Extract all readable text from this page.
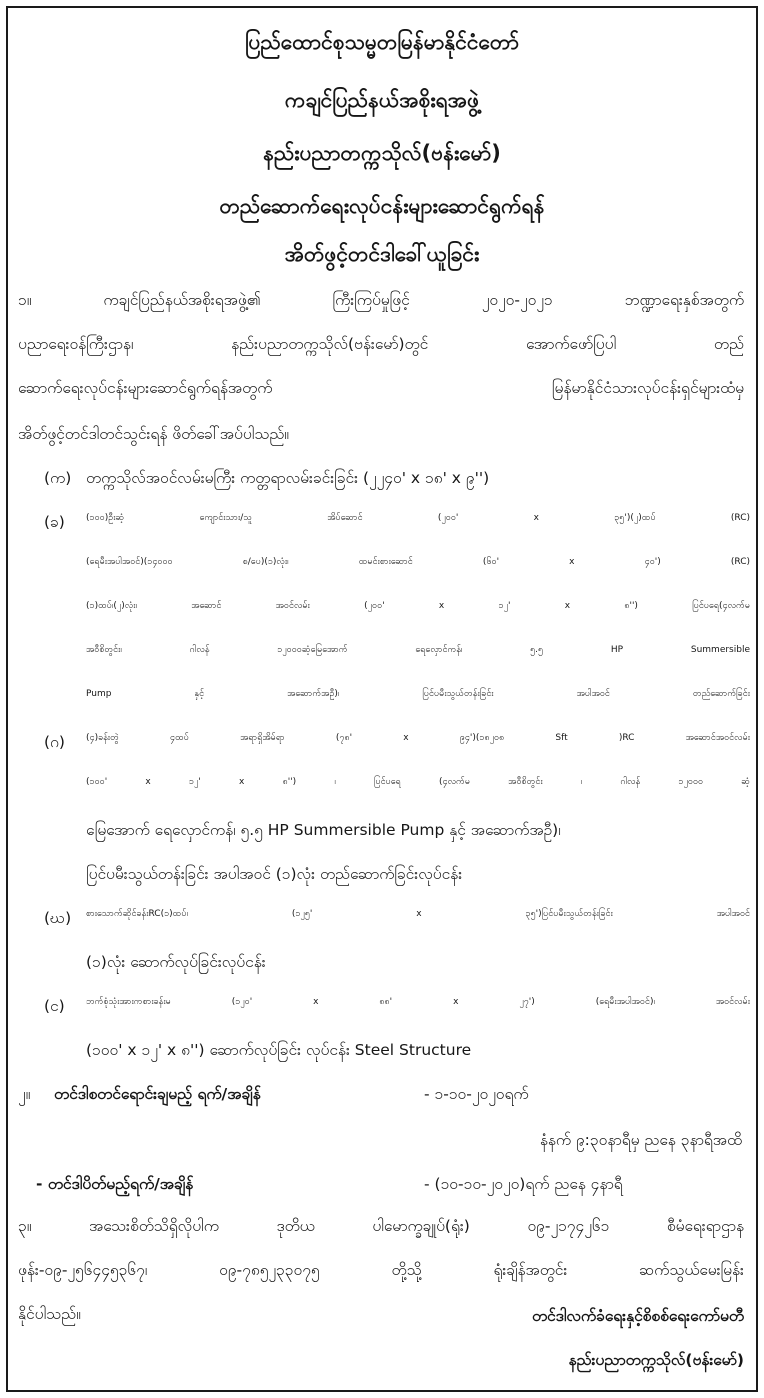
ပြည်ထောင်စုသမ္မတမြန်မာနိုင်ငံတော်
ကချင်ပြည်နယ်အစိုးရအဖွဲ့
နည်းပညာတက္ကသိုလ်(ဗန်းမော်)
တည်ဆောက်ရေးလုပ်ငန်းများဆောင်ရွက်ရန်
အိတ်ဖွင့်တင်ဒါခေါ်ယူခြင်း
၁။ ကချင်ပြည်နယ်အစိုးရအဖွဲ့၏ ကြီးကြပ်မှုဖြင့် ၂၀၂၀-၂၀၂၁ ဘဏ္ဍာရေးနှစ်အတွက်
ပညာရေးဝန်ကြီးဌာန၊ နည်းပညာတက္ကသိုလ်(ဗန်းမော်)တွင် အောက်ဖော်ပြပါ တည်
ဆောက်ရေးလုပ်ငန်းများဆောင်ရွက်ရန်အတွက် မြန်မာနိုင်ငံသားလုပ်ငန်းရှင်များထံမှ
အိတ်ဖွင့်တင်ဒါတင်သွင်းရန် ဖိတ်ခေါ်အပ်ပါသည်။
(က) တက္ကသိုလ်အဝင်လမ်းမကြီး ကတ္တရာလမ်းခင်းခြင်း (၂၂၄၀' x ၁၈' x ၉'')
(ခ) (၁၀၀)ဦးဆံ့ ကျောင်းသား/သူ အိပ်ဆောင် (၂၀၀' x ၃၅')(၂)ထပ် (RC)
(ရေမီးအပါအဝင်)(၁၄၀၀၀ စ/ပေ)(၁)လုံး၊ ထမင်းစားဆောင် (၆၀' x ၄၀') (RC)
(၁)ထပ်၊(၂)လုံး၊ အဆောင် အဝင်လမ်း (၂၀၀' x ၁၂' x ၈'') ပြင်ပရေ(၄လက်မ
အဝီစိတွင်း၊ ဂါလန် ၁၂၀၀၀ဆံ့မြေအောက် ရေလှောင်ကန်၊ ၅.၅ HP Summersible
Pump နှင့် အဆောက်အဦ)၊ ပြင်ပမီးသွယ်တန်းခြင်း အပါအဝင် တည်ဆောက်ခြင်း
(ဂ) (၄)ခန်းတွဲ ၄ထပ် အရာရှိအိမ်ရာ (၇၈' x ၉၄')(၁၈၂၀၈ Sft )RC အဆောင်အဝင်လမ်း
(၁၀၀' x ၁၂' x ၈'') ၊ ပြင်ပရေ (၄လက်မ အဝီစိတွင်း ၊ ဂါလန် ၁၂၀၀၀ ဆံ့
မြေအောက် ရေလှောင်ကန်၊ ၅.၅ HP Summersible Pump နှင့် အဆောက်အဦ)၊
ပြင်ပမီးသွယ်တန်းခြင်း အပါအဝင် (၁)လုံး တည်ဆောက်ခြင်းလုပ်ငန်း
(ဃ) စားသောက်ဆိုင်ခန်းRC(၁)ထပ်၊ (၁၂၅' x ၃၅')ပြင်ပမီးသွယ်တန်းခြင်း အပါအဝင်
(၁)လုံး ဆောက်လုပ်ခြင်းလုပ်ငန်း
(င) ဘက်စုံသုံးအားကစားခန်းမ (၁၂၀' x ၈၈' x ၂၇') (ရေမီးအပါအဝင်)၊ အဝင်လမ်း
(၁၀၀' x ၁၂' x ၈'') ဆောက်လုပ်ခြင်း လုပ်ငန်း Steel Structure
၂။ တင်ဒါစတင်ရောင်းချမည့် ရက်/အချိန်	- ၁-၁၀-၂၀၂၀ရက်
နံနက် ၉:၃၀နာရီမှ ညနေ ၃နာရီအထိ
- တင်ဒါပိတ်မည့်ရက်/အချိန်	- (၁၀-၁၀-၂၀၂၀)ရက် ညနေ ၄နာရီ
၃။ အသေးစိတ်သိရှိလိုပါက ဒုတိယ ပါမောက္ခချုပ်(ရုံး) ၀၉-၂၁၇၄၂၆၁ စီမံရေးရာဌာန
ဖုန်း-၀၉-၂၅၆၄၄၅၃၆၇၊ ၀၉-၇၈၅၂၃၃၀၇၅ တို့သို့ ရုံးချိန်အတွင်း ဆက်သွယ်မေးမြန်း
နိုင်ပါသည်။	တင်ဒါလက်ခံရေးနှင့်စိစစ်ရေးကော်မတီ
နည်းပညာတက္ကသိုလ်(ဗန်းမော်)
